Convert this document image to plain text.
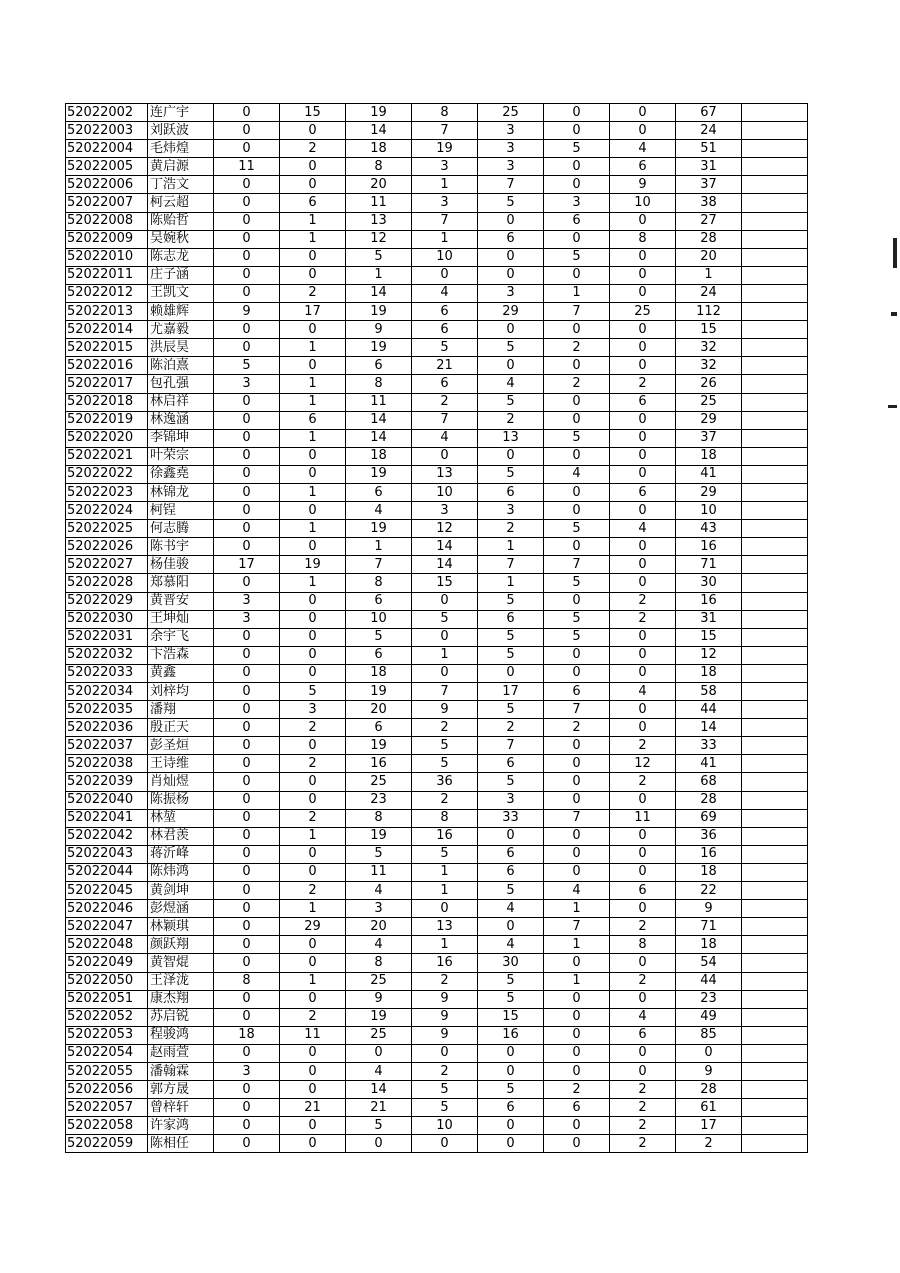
52022002	连广宇	0	15	19	8	25	0	0	67	
52022003	刘跃波	0	0	14	7	3	0	0	24	
52022004	毛炜煌	0	2	18	19	3	5	4	51	
52022005	黄启源	11	0	8	3	3	0	6	31	
52022006	丁浩文	0	0	20	1	7	0	9	37	
52022007	柯云超	0	6	11	3	5	3	10	38	
52022008	陈贻哲	0	1	13	7	0	6	0	27	
52022009	吴婉秋	0	1	12	1	6	0	8	28	
52022010	陈志龙	0	0	5	10	0	5	0	20	
52022011	庄子涵	0	0	1	0	0	0	0	1	
52022012	王凯文	0	2	14	4	3	1	0	24	
52022013	赖雄辉	9	17	19	6	29	7	25	112	
52022014	尤嘉毅	0	0	9	6	0	0	0	15	
52022015	洪辰昊	0	1	19	5	5	2	0	32	
52022016	陈泊熹	5	0	6	21	0	0	0	32	
52022017	包孔强	3	1	8	6	4	2	2	26	
52022018	林启祥	0	1	11	2	5	0	6	25	
52022019	林逸涵	0	6	14	7	2	0	0	29	
52022020	李锦坤	0	1	14	4	13	5	0	37	
52022021	叶荣宗	0	0	18	0	0	0	0	18	
52022022	徐鑫堯	0	0	19	13	5	4	0	41	
52022023	林锦龙	0	1	6	10	6	0	6	29	
52022024	柯锃	0	0	4	3	3	0	0	10	
52022025	何志腾	0	1	19	12	2	5	4	43	
52022026	陈书宇	0	0	1	14	1	0	0	16	
52022027	杨佳骏	17	19	7	14	7	7	0	71	
52022028	郑慕阳	0	1	8	15	1	5	0	30	
52022029	黄晋安	3	0	6	0	5	0	2	16	
52022030	王坤灿	3	0	10	5	6	5	2	31	
52022031	余宇飞	0	0	5	0	5	5	0	15	
52022032	卞浩森	0	0	6	1	5	0	0	12	
52022033	黄鑫	0	0	18	0	0	0	0	18	
52022034	刘梓均	0	5	19	7	17	6	4	58	
52022035	潘翔	0	3	20	9	5	7	0	44	
52022036	殷正天	0	2	6	2	2	2	0	14	
52022037	彭圣烜	0	0	19	5	7	0	2	33	
52022038	王诗维	0	2	16	5	6	0	12	41	
52022039	肖灿煜	0	0	25	36	5	0	2	68	
52022040	陈振杨	0	0	23	2	3	0	0	28	
52022041	林堃	0	2	8	8	33	7	11	69	
52022042	林君羡	0	1	19	16	0	0	0	36	
52022043	蒋沂峰	0	0	5	5	6	0	0	16	
52022044	陈炜鸿	0	0	11	1	6	0	0	18	
52022045	黄剑坤	0	2	4	1	5	4	6	22	
52022046	彭煜涵	0	1	3	0	4	1	0	9	
52022047	林颖琪	0	29	20	13	0	7	2	71	
52022048	颜跃翔	0	0	4	1	4	1	8	18	
52022049	黄智焜	0	0	8	16	30	0	0	54	
52022050	王泽泷	8	1	25	2	5	1	2	44	
52022051	康杰翔	0	0	9	9	5	0	0	23	
52022052	苏启锐	0	2	19	9	15	0	4	49	
52022053	程骏鸿	18	11	25	9	16	0	6	85	
52022054	赵雨萱	0	0	0	0	0	0	0	0	
52022055	潘翰霖	3	0	4	2	0	0	0	9	
52022056	郭方晟	0	0	14	5	5	2	2	28	
52022057	曾梓轩	0	21	21	5	6	6	2	61	
52022058	许家鸿	0	0	5	10	0	0	2	17	
52022059	陈相任	0	0	0	0	0	0	2	2	
